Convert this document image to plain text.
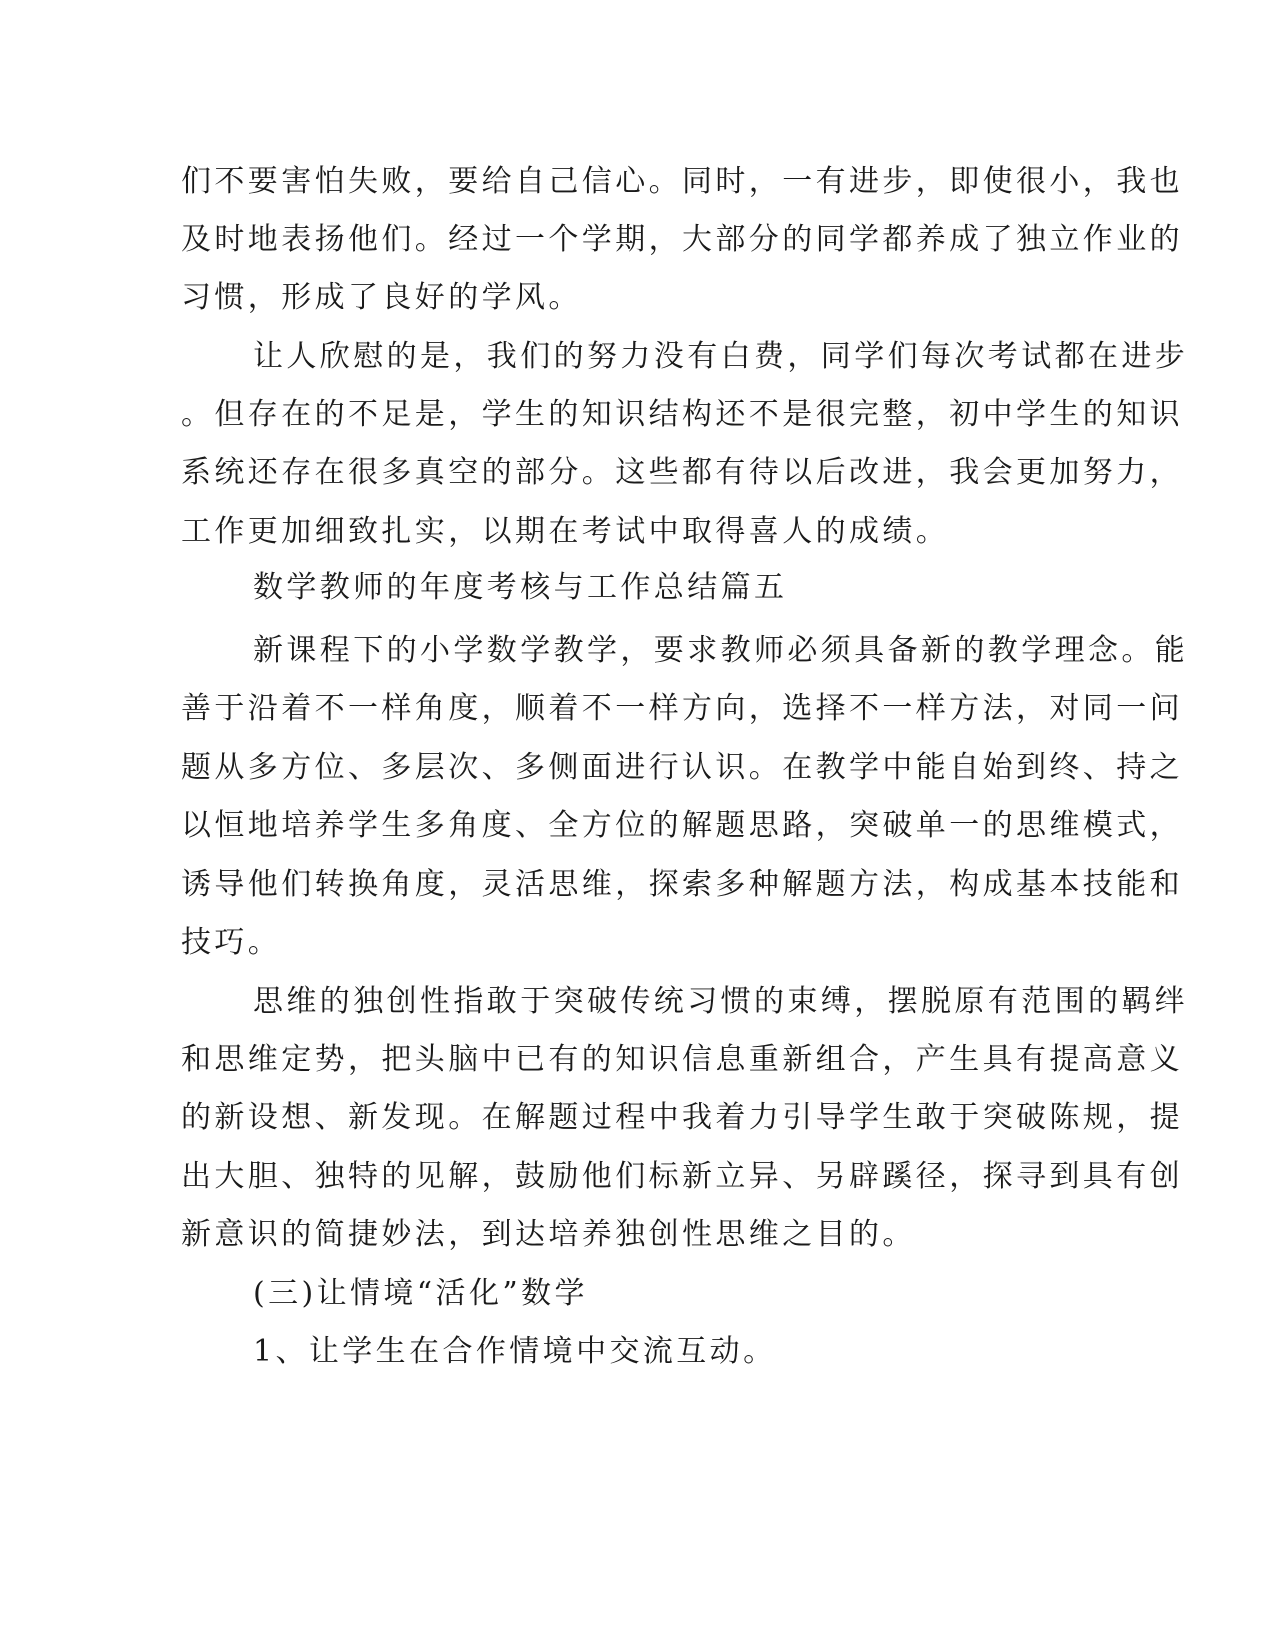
们不要害怕失败，要给自己信心。同时，一有进步，即使很小，我也

及时地表扬他们。经过一个学期，大部分的同学都养成了独立作业的

习惯，形成了良好的学风。

让人欣慰的是，我们的努力没有白费，同学们每次考试都在进步

。但存在的不足是，学生的知识结构还不是很完整，初中学生的知识

系统还存在很多真空的部分。这些都有待以后改进，我会更加努力，

工作更加细致扎实，以期在考试中取得喜人的成绩。

数学教师的年度考核与工作总结篇五

新课程下的小学数学教学，要求教师必须具备新的教学理念。能

善于沿着不一样角度，顺着不一样方向，选择不一样方法，对同一问

题从多方位、多层次、多侧面进行认识。在教学中能自始到终、持之

以恒地培养学生多角度、全方位的解题思路，突破单一的思维模式，

诱导他们转换角度，灵活思维，探索多种解题方法，构成基本技能和

技巧。

思维的独创性指敢于突破传统习惯的束缚，摆脱原有范围的羁绊

和思维定势，把头脑中已有的知识信息重新组合，产生具有提高意义

的新设想、新发现。在解题过程中我着力引导学生敢于突破陈规，提

出大胆、独特的见解，鼓励他们标新立异、另辟蹊径，探寻到具有创

新意识的简捷妙法，到达培养独创性思维之目的。

(三)让情境“活化”数学

1、让学生在合作情境中交流互动。
